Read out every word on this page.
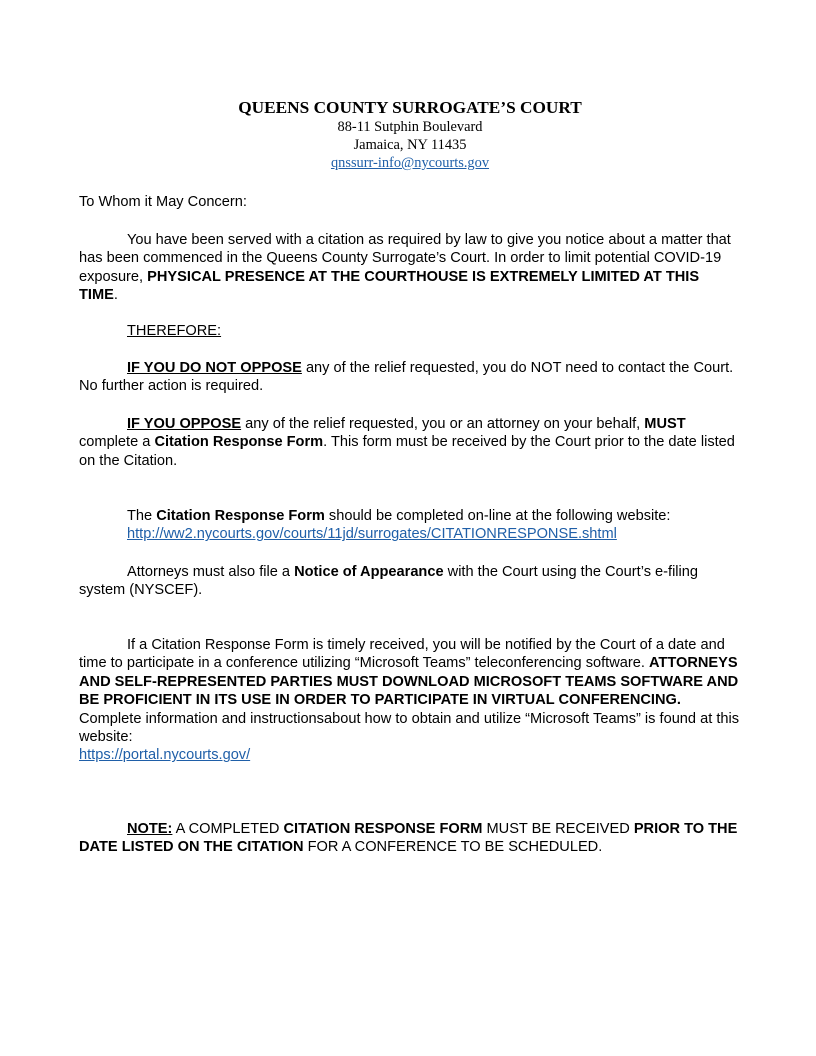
QUEENS COUNTY SURROGATE’S COURT
88-11 Sutphin Boulevard
Jamaica, NY 11435
qnssurr-info@nycourts.gov

To Whom it May Concern:

You have been served with a citation as required by law to give you notice about a matter that has been commenced in the Queens County Surrogate’s Court. In order to limit potential COVID-19 exposure, PHYSICAL PRESENCE AT THE COURTHOUSE IS EXTREMELY LIMITED AT THIS TIME.

THEREFORE:

IF YOU DO NOT OPPOSE any of the relief requested, you do NOT need to contact the Court. No further action is required.

IF YOU OPPOSE any of the relief requested, you or an attorney on your behalf, MUST complete a Citation Response Form. This form must be received by the Court prior to the date listed on the Citation.

The Citation Response Form should be completed on-line at the following website:
http://ww2.nycourts.gov/courts/11jd/surrogates/CITATIONRESPONSE.shtml

Attorneys must also file a Notice of Appearance with the Court using the Court’s e-filing system (NYSCEF).

If a Citation Response Form is timely received, you will be notified by the Court of a date and time to participate in a conference utilizing “Microsoft Teams” teleconferencing software. ATTORNEYS AND SELF-REPRESENTED PARTIES MUST DOWNLOAD MICROSOFT TEAMS SOFTWARE AND BE PROFICIENT IN ITS USE IN ORDER TO PARTICIPATE IN VIRTUAL CONFERENCING. Complete information and instructionsabout how to obtain and utilize “Microsoft Teams” is found at this website:
https://portal.nycourts.gov/

NOTE: A COMPLETED CITATION RESPONSE FORM MUST BE RECEIVED PRIOR TO THE DATE LISTED ON THE CITATION FOR A CONFERENCE TO BE SCHEDULED.
